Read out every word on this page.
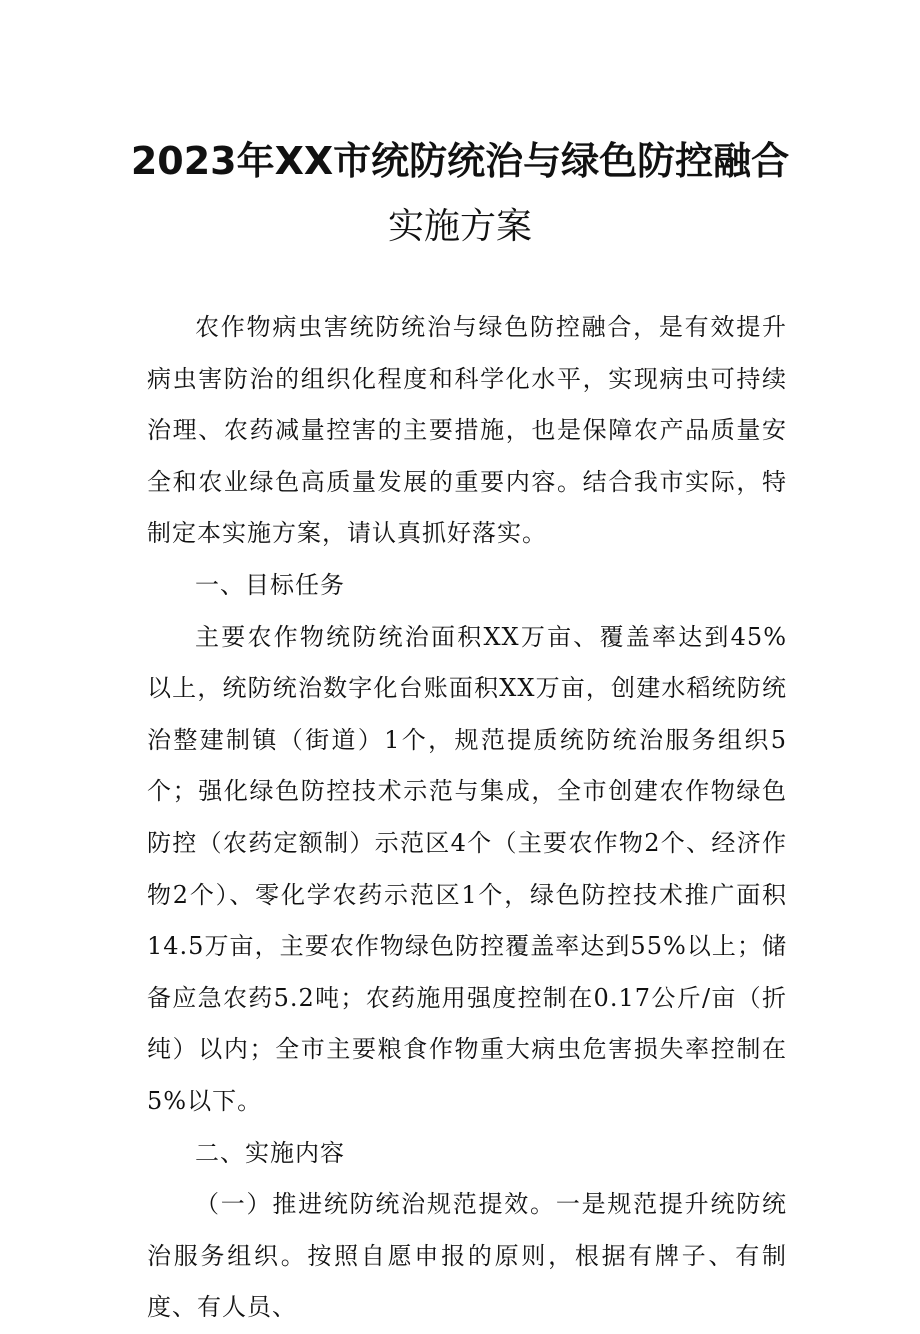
2023年XX市统防统治与绿色防控融合
实施方案

农作物病虫害统防统治与绿色防控融合，是有效提升病虫害防治的组织化程度和科学化水平，实现病虫可持续治理、农药减量控害的主要措施，也是保障农产品质量安全和农业绿色高质量发展的重要内容。结合我市实际，特制定本实施方案，请认真抓好落实。

一、目标任务

主要农作物统防统治面积XX万亩、覆盖率达到45%以上，统防统治数字化台账面积XX万亩，创建水稻统防统治整建制镇（街道）1个，规范提质统防统治服务组织5个；强化绿色防控技术示范与集成，全市创建农作物绿色防控（农药定额制）示范区4个（主要农作物2个、经济作物2个）、零化学农药示范区1个，绿色防控技术推广面积14.5万亩，主要农作物绿色防控覆盖率达到55%以上；储备应急农药5.2吨；农药施用强度控制在0.17公斤/亩（折纯）以内；全市主要粮食作物重大病虫危害损失率控制在5%以下。

二、实施内容

（一）推进统防统治规范提效。一是规范提升统防统治服务组织。按照自愿申报的原则，根据有牌子、有制度、有人员、
